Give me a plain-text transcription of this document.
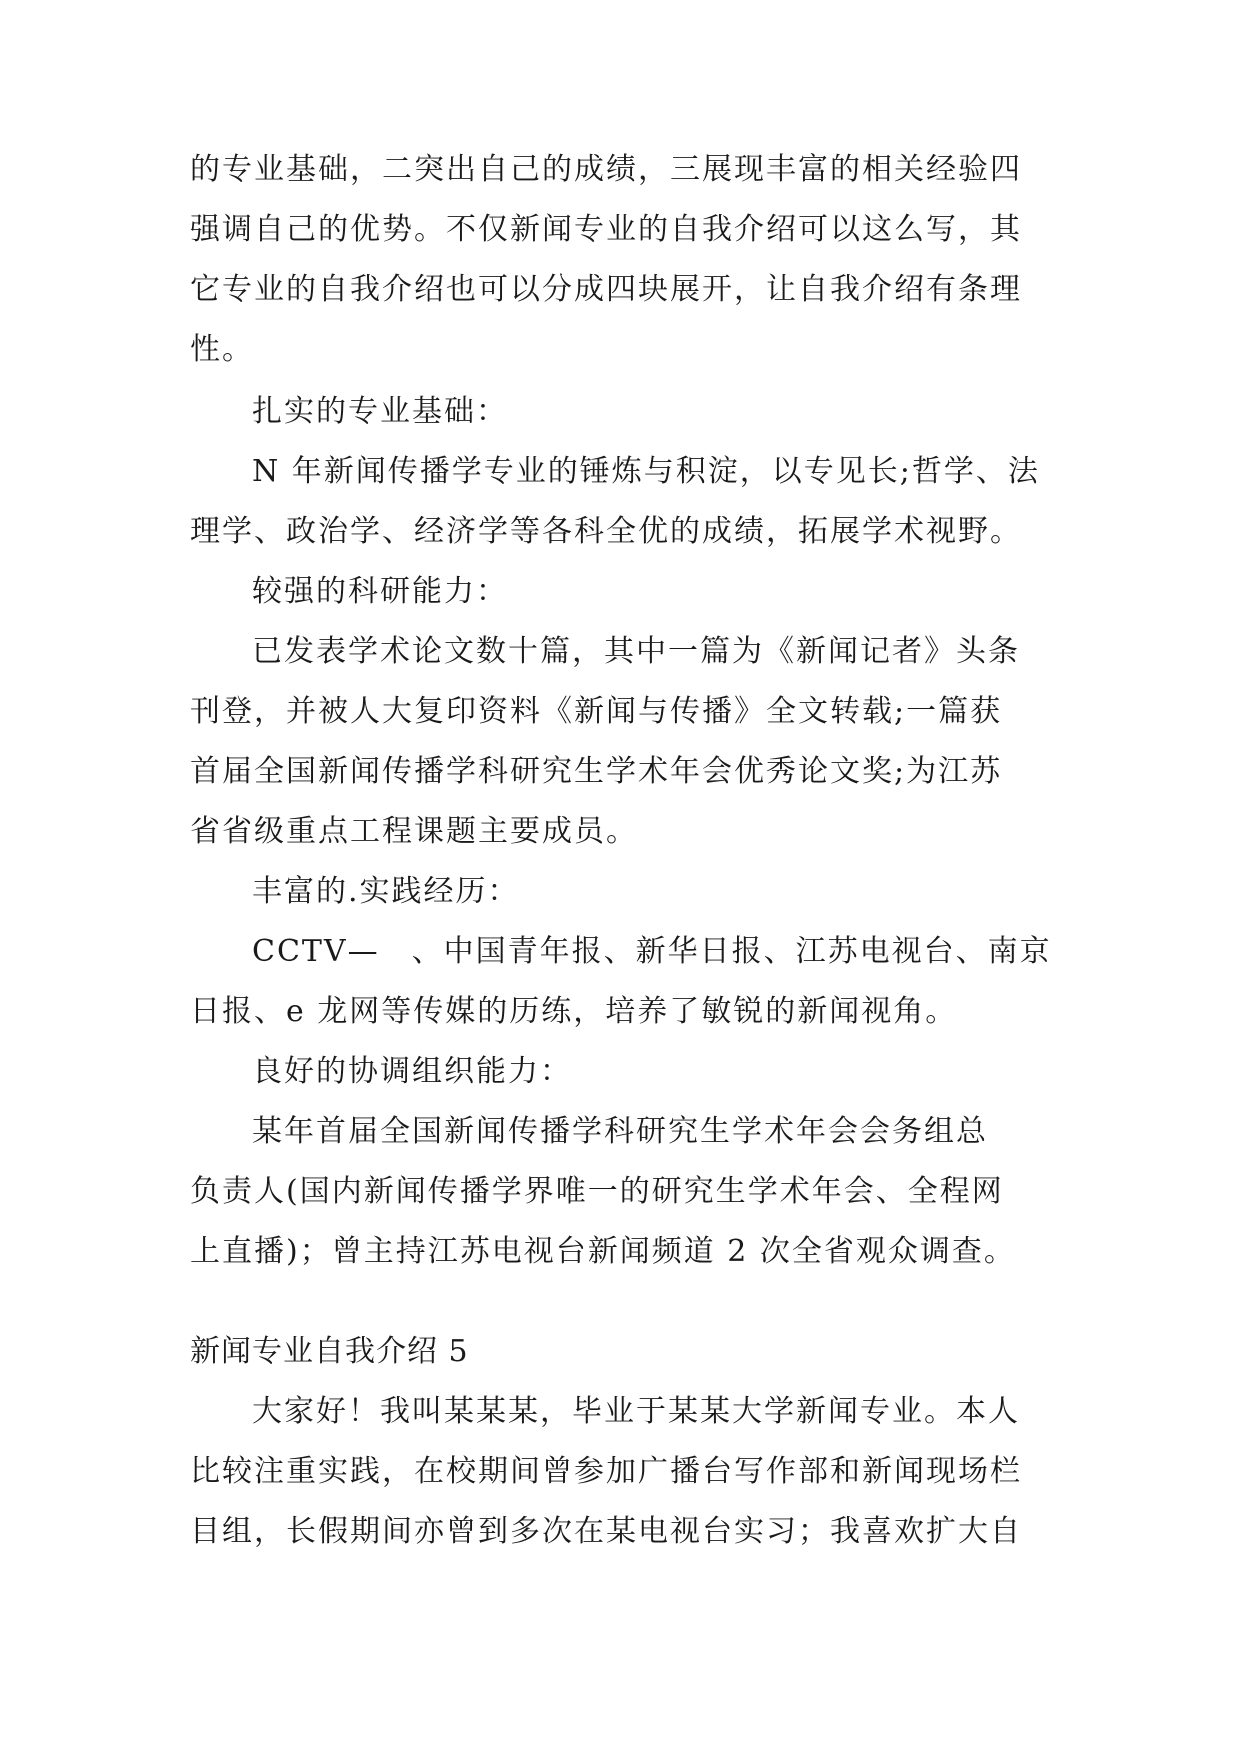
的专业基础，二突出自己的成绩，三展现丰富的相关经验四
强调自己的优势。不仅新闻专业的自我介绍可以这么写，其
它专业的自我介绍也可以分成四块展开，让自我介绍有条理
性。
扎实的专业基础：
N 年新闻传播学专业的锤炼与积淀，以专见长;哲学、法
理学、政治学、经济学等各科全优的成绩，拓展学术视野。
较强的科研能力：
已发表学术论文数十篇，其中一篇为《新闻记者》头条
刊登，并被人大复印资料《新闻与传播》全文转载;一篇获
首届全国新闻传播学科研究生学术年会优秀论文奖;为江苏
省省级重点工程课题主要成员。
丰富的.实践经历：
CCTV—　、中国青年报、新华日报、江苏电视台、南京
日报、e 龙网等传媒的历练，培养了敏锐的新闻视角。
良好的协调组织能力：
某年首届全国新闻传播学科研究生学术年会会务组总
负责人(国内新闻传播学界唯一的研究生学术年会、全程网
上直播)；曾主持江苏电视台新闻频道 2 次全省观众调查。
新闻专业自我介绍 5
大家好！我叫某某某，毕业于某某大学新闻专业。本人
比较注重实践，在校期间曾参加广播台写作部和新闻现场栏
目组，长假期间亦曾到多次在某电视台实习；我喜欢扩大自
